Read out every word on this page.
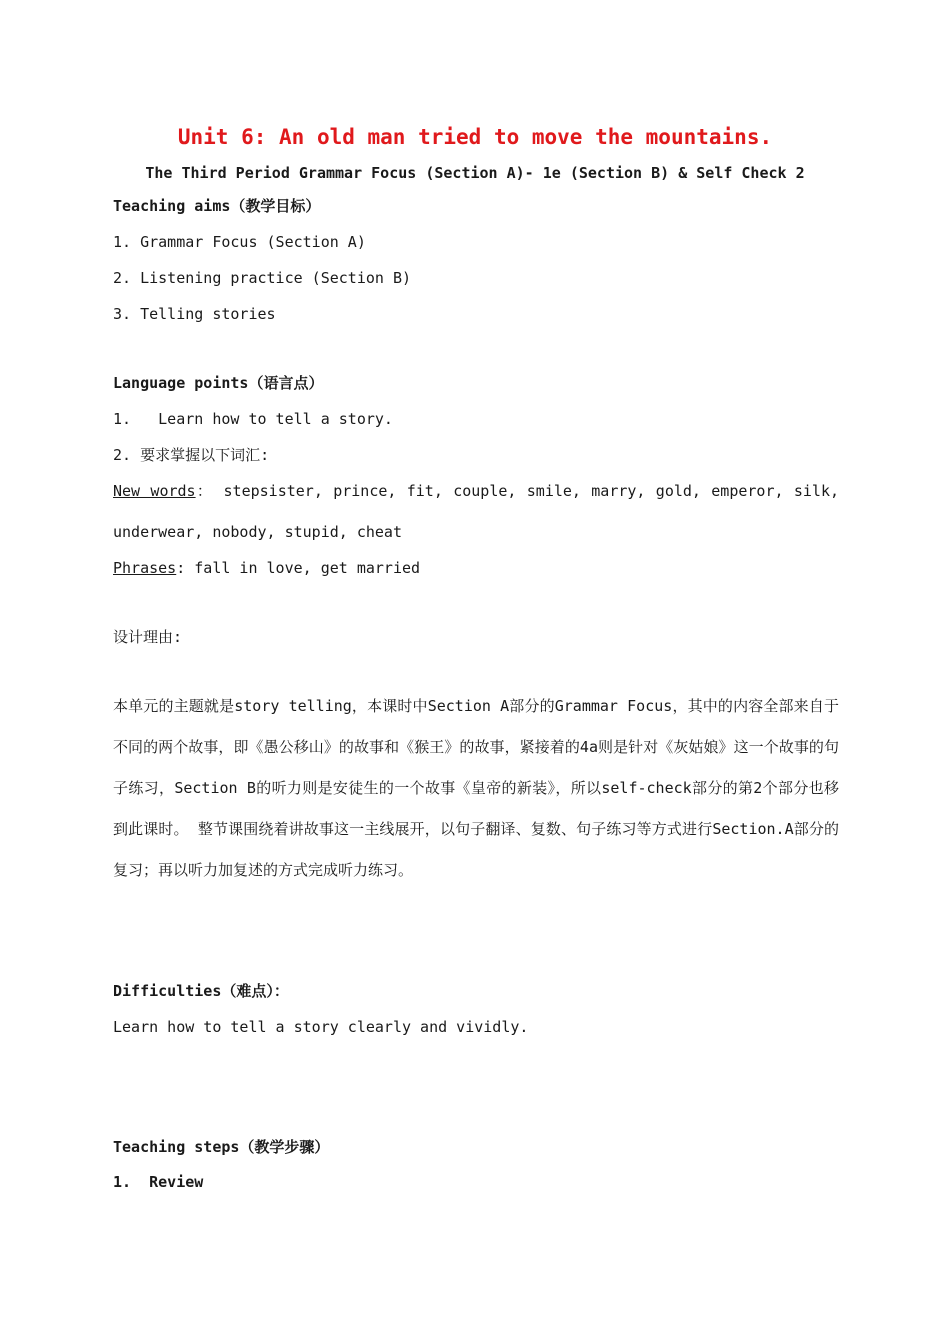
Unit 6: An old man tried to move the mountains.
The Third Period Grammar Focus (Section A)- 1e (Section B) & Self Check 2
Teaching aims（教学目标）
1. Grammar Focus (Section A)
2. Listening practice (Section B)
3. Telling stories
Language points（语言点）
1.   Learn how to tell a story.
2. 要求掌握以下词汇:
New words： stepsister, prince, fit, couple, smile, marry, gold, emperor, silk, underwear, nobody, stupid, cheat
Phrases: fall in love, get married
设计理由:
本单元的主题就是story telling，本课时中Section A部分的Grammar Focus，其中的内容全部来自于不同的两个故事，即《愚公移山》的故事和《猴王》的故事，紧接着的4a则是针对《灰姑娘》这一个故事的句子练习，Section B的听力则是安徒生的一个故事《皇帝的新装》，所以self-check部分的第2个部分也移到此课时。 整节课围绕着讲故事这一主线展开，以句子翻译、复数、句子练习等方式进行Section.A部分的复习；再以听力加复述的方式完成听力练习。
Difficulties（难点）：
Learn how to tell a story clearly and vividly.
Teaching steps（教学步骤）
1.  Review
